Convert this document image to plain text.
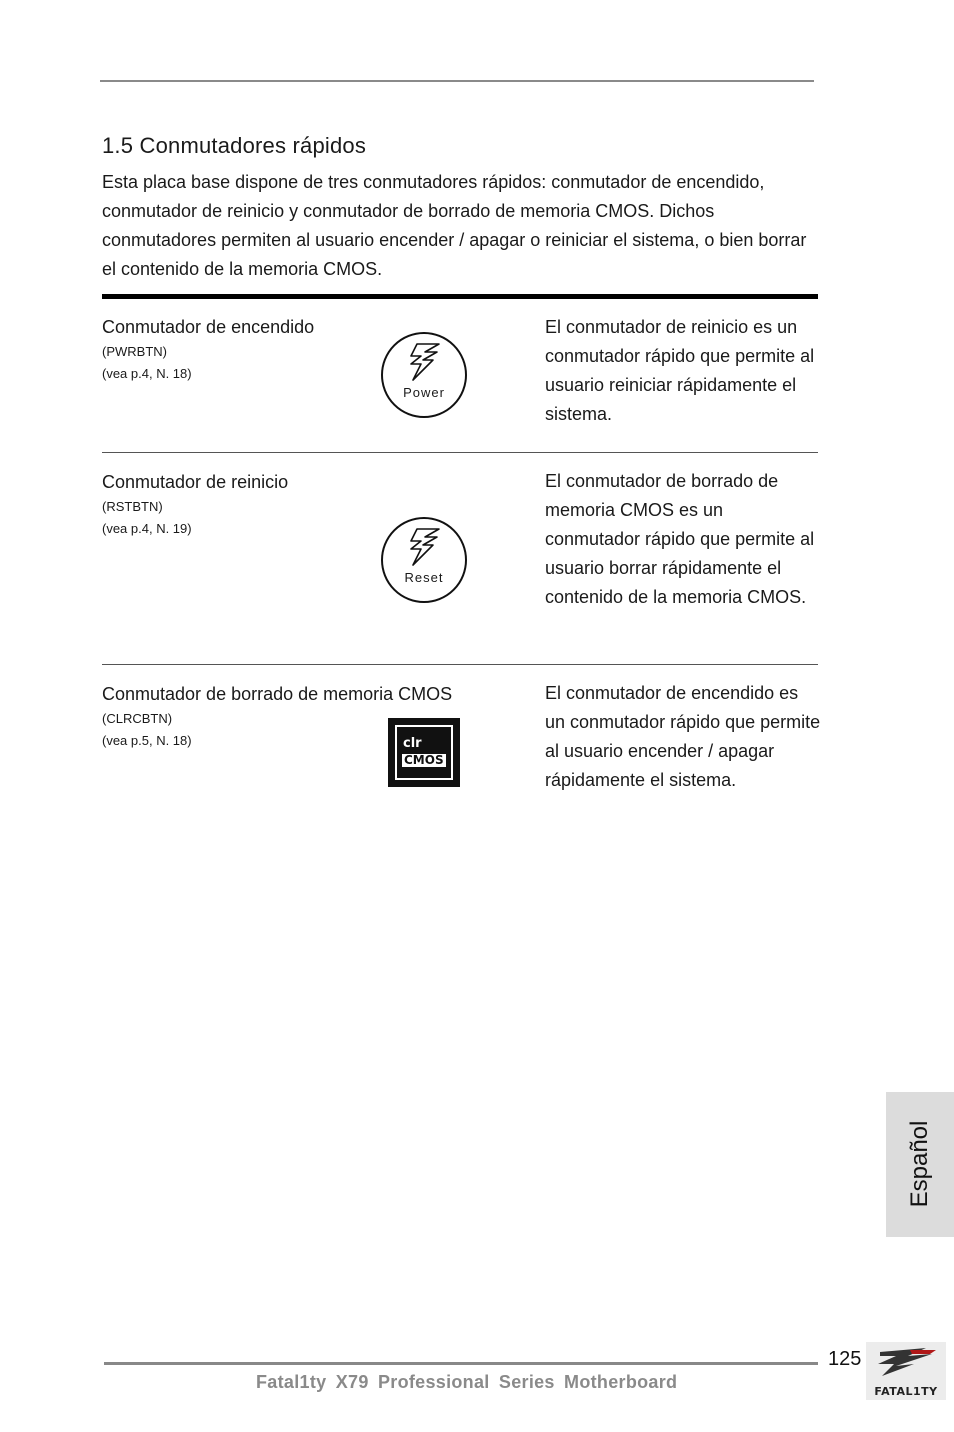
1.5 Conmutadores rápidos

Esta placa base dispone de tres conmutadores rápidos: conmutador de encendido, conmutador de reinicio y conmutador de borrado de memoria CMOS. Dichos conmutadores permiten al usuario encender / apagar o reiniciar el sistema, o bien borrar el contenido de la memoria CMOS.

Conmutador de encendido

(PWRBTN)

(vea p.4, N. 18)

Power

El conmutador de reinicio es un conmutador rápido que permite al usuario reiniciar rápidamente el sistema.

Conmutador de reinicio

(RSTBTN)

(vea p.4, N. 19)

Reset

El conmutador de borrado de memoria CMOS es un conmutador rápido que permite al usuario borrar rápidamente el contenido de la memoria CMOS.

Conmutador de borrado de memoria CMOS

(CLRCBTN)

(vea p.5, N. 18)	clr
CMOS

El conmutador de encendido es un conmutador rápido que permite al usuario encender / apagar rápidamente el sistema.

Español
125
Fatal1ty X79 Professional Series Motherboard	FATAL1TY
